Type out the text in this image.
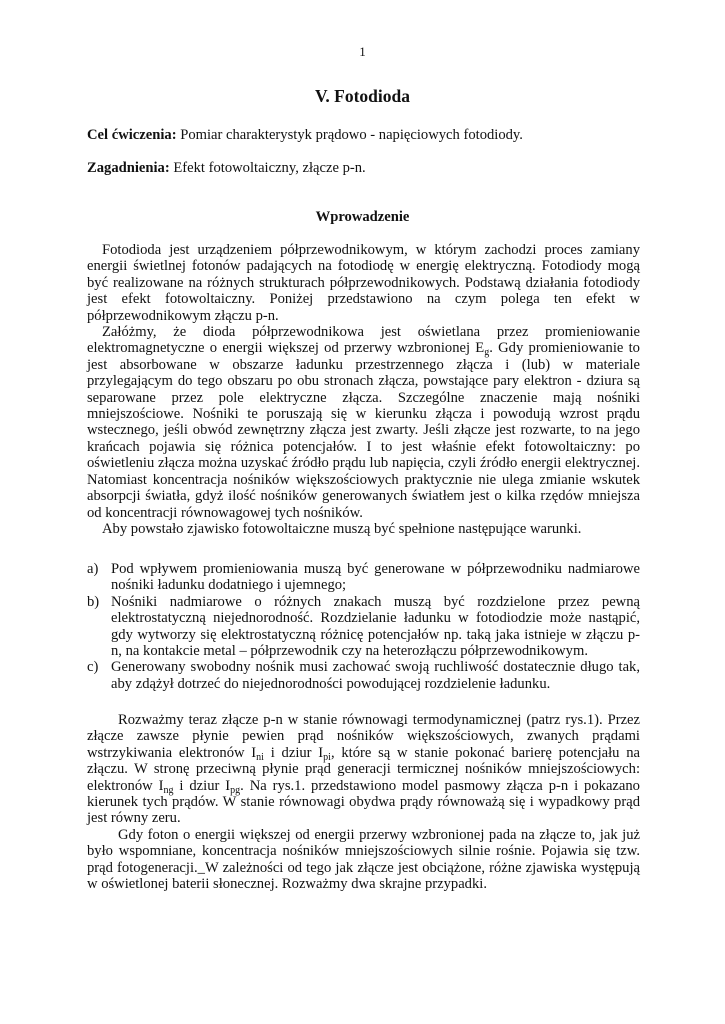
1
V. Fotodioda
Cel ćwiczenia: Pomiar charakterystyk prądowo - napięciowych fotodiody.
Zagadnienia: Efekt fotowoltaiczny, złącze p-n.
Wprowadzenie

Fotodioda jest urządzeniem półprzewodnikowym, w którym zachodzi proces zamiany energii świetlnej fotonów padających na fotodiodę w energię elektryczną. Fotodiody mogą być realizowane na różnych strukturach półprzewodnikowych. Podstawą działania fotodiody jest efekt fotowoltaiczny. Poniżej przedstawiono na czym polega ten efekt w półprzewodnikowym złączu p-n.

Załóżmy, że dioda półprzewodnikowa jest oświetlana przez promieniowanie elektromagnetyczne o energii większej od przerwy wzbronionej $E_g$. Gdy promieniowanie to jest absorbowane w obszarze ładunku przestrzennego złącza i (lub) w materiale przylegającym do tego obszaru po obu stronach złącza, powstające pary elektron - dziura są separowane przez pole elektryczne złącza. Szczególne znaczenie mają nośniki mniejszościowe. Nośniki te poruszają się w kierunku złącza i powodują wzrost prądu wstecznego, jeśli obwód zewnętrzny złącza jest zwarty. Jeśli złącze jest rozwarte, to na jego krańcach pojawia się różnica potencjałów. I to jest właśnie efekt fotowoltaiczny: po oświetleniu złącza można uzyskać źródło prądu lub napięcia, czyli źródło energii elektrycznej. Natomiast koncentracja nośników większościowych praktycznie nie ulega zmianie wskutek absorpcji światła, gdyż ilość nośników generowanych światłem jest o kilka rzędów mniejsza od koncentracji równowagowej tych nośników.

Aby powstało zjawisko fotowoltaiczne muszą być spełnione następujące warunki.

a) Pod wpływem promieniowania muszą być generowane w półprzewodniku nadmiarowe nośniki ładunku dodatniego i ujemnego;
b) Nośniki nadmiarowe o różnych znakach muszą być rozdzielone przez pewną elektrostatyczną niejednorodność. Rozdzielanie ładunku w fotodiodzie może nastąpić, gdy wytworzy się elektrostatyczną różnicę potencjałów np. taką jaka istnieje w złączu p-n, na kontakcie metal – półprzewodnik czy na heterozłączu półprzewodnikowym.
c) Generowany swobodny nośnik musi zachować swoją ruchliwość dostatecznie długo tak, aby zdążył dotrzeć do niejednorodności powodującej rozdzielenie ładunku.

Rozważmy teraz złącze p-n w stanie równowagi termodynamicznej (patrz rys.1). Przez złącze zawsze płynie pewien prąd nośników większościowych, zwanych prądami wstrzykiwania elektronów $I_{ni}$ i dziur $I_{pi}$, które są w stanie pokonać barierę potencjału na złączu. W stronę przeciwną płynie prąd generacji termicznej nośników mniejszościowych: elektronów $I_{ng}$ i dziur $I_{pg}$. Na rys.1. przedstawiono model pasmowy złącza p-n i pokazano kierunek tych prądów. W stanie równowagi obydwa prądy równoważą się i wypadkowy prąd jest równy zeru.

Gdy foton o energii większej od energii przerwy wzbronionej pada na złącze to, jak już było wspomniane, koncentracja nośników mniejszościowych silnie rośnie. Pojawia się tzw. prąd fotogeneracji._W zależności od tego jak złącze jest obciążone, różne zjawiska występują w oświetlonej baterii słonecznej. Rozważmy dwa skrajne przypadki.
